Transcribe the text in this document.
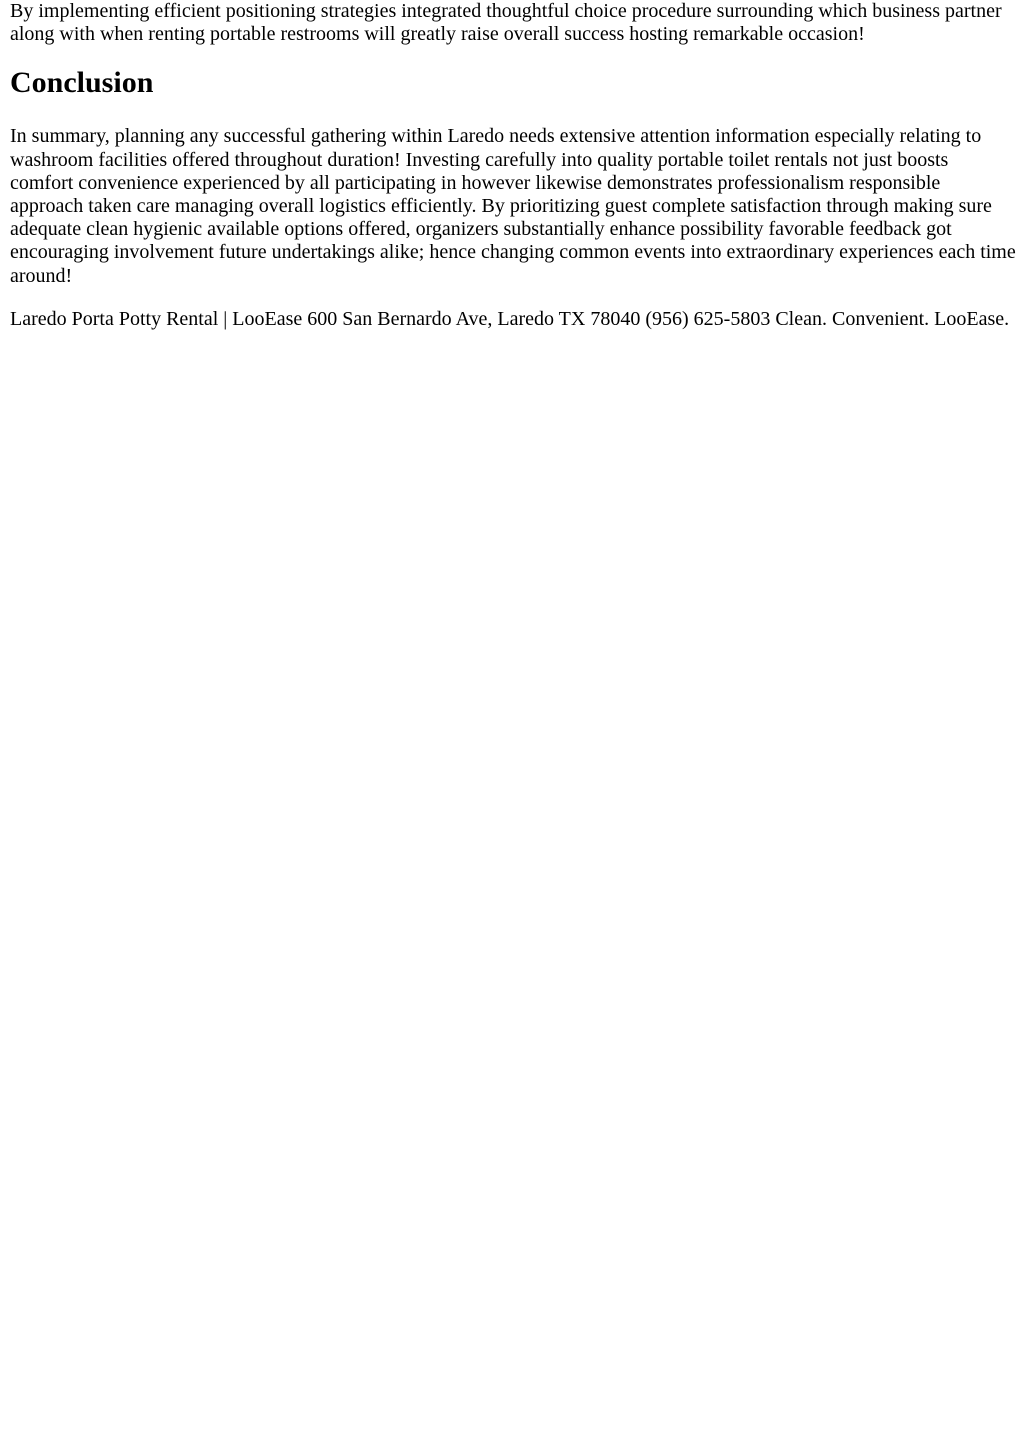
By implementing efficient positioning strategies integrated thoughtful choice procedure surrounding which business partner along with when renting portable restrooms will greatly raise overall success hosting remarkable occasion!

Conclusion

In summary, planning any successful gathering within Laredo needs extensive attention information especially relating to washroom facilities offered throughout duration! Investing carefully into quality portable toilet rentals not just boosts comfort convenience experienced by all participating in however likewise demonstrates professionalism responsible approach taken care managing overall logistics efficiently. By prioritizing guest complete satisfaction through making sure adequate clean hygienic available options offered, organizers substantially enhance possibility favorable feedback got encouraging involvement future undertakings alike; hence changing common events into extraordinary experiences each time around!

Laredo Porta Potty Rental | LooEase 600 San Bernardo Ave, Laredo TX 78040 (956) 625-5803 Clean. Convenient. LooEase.
